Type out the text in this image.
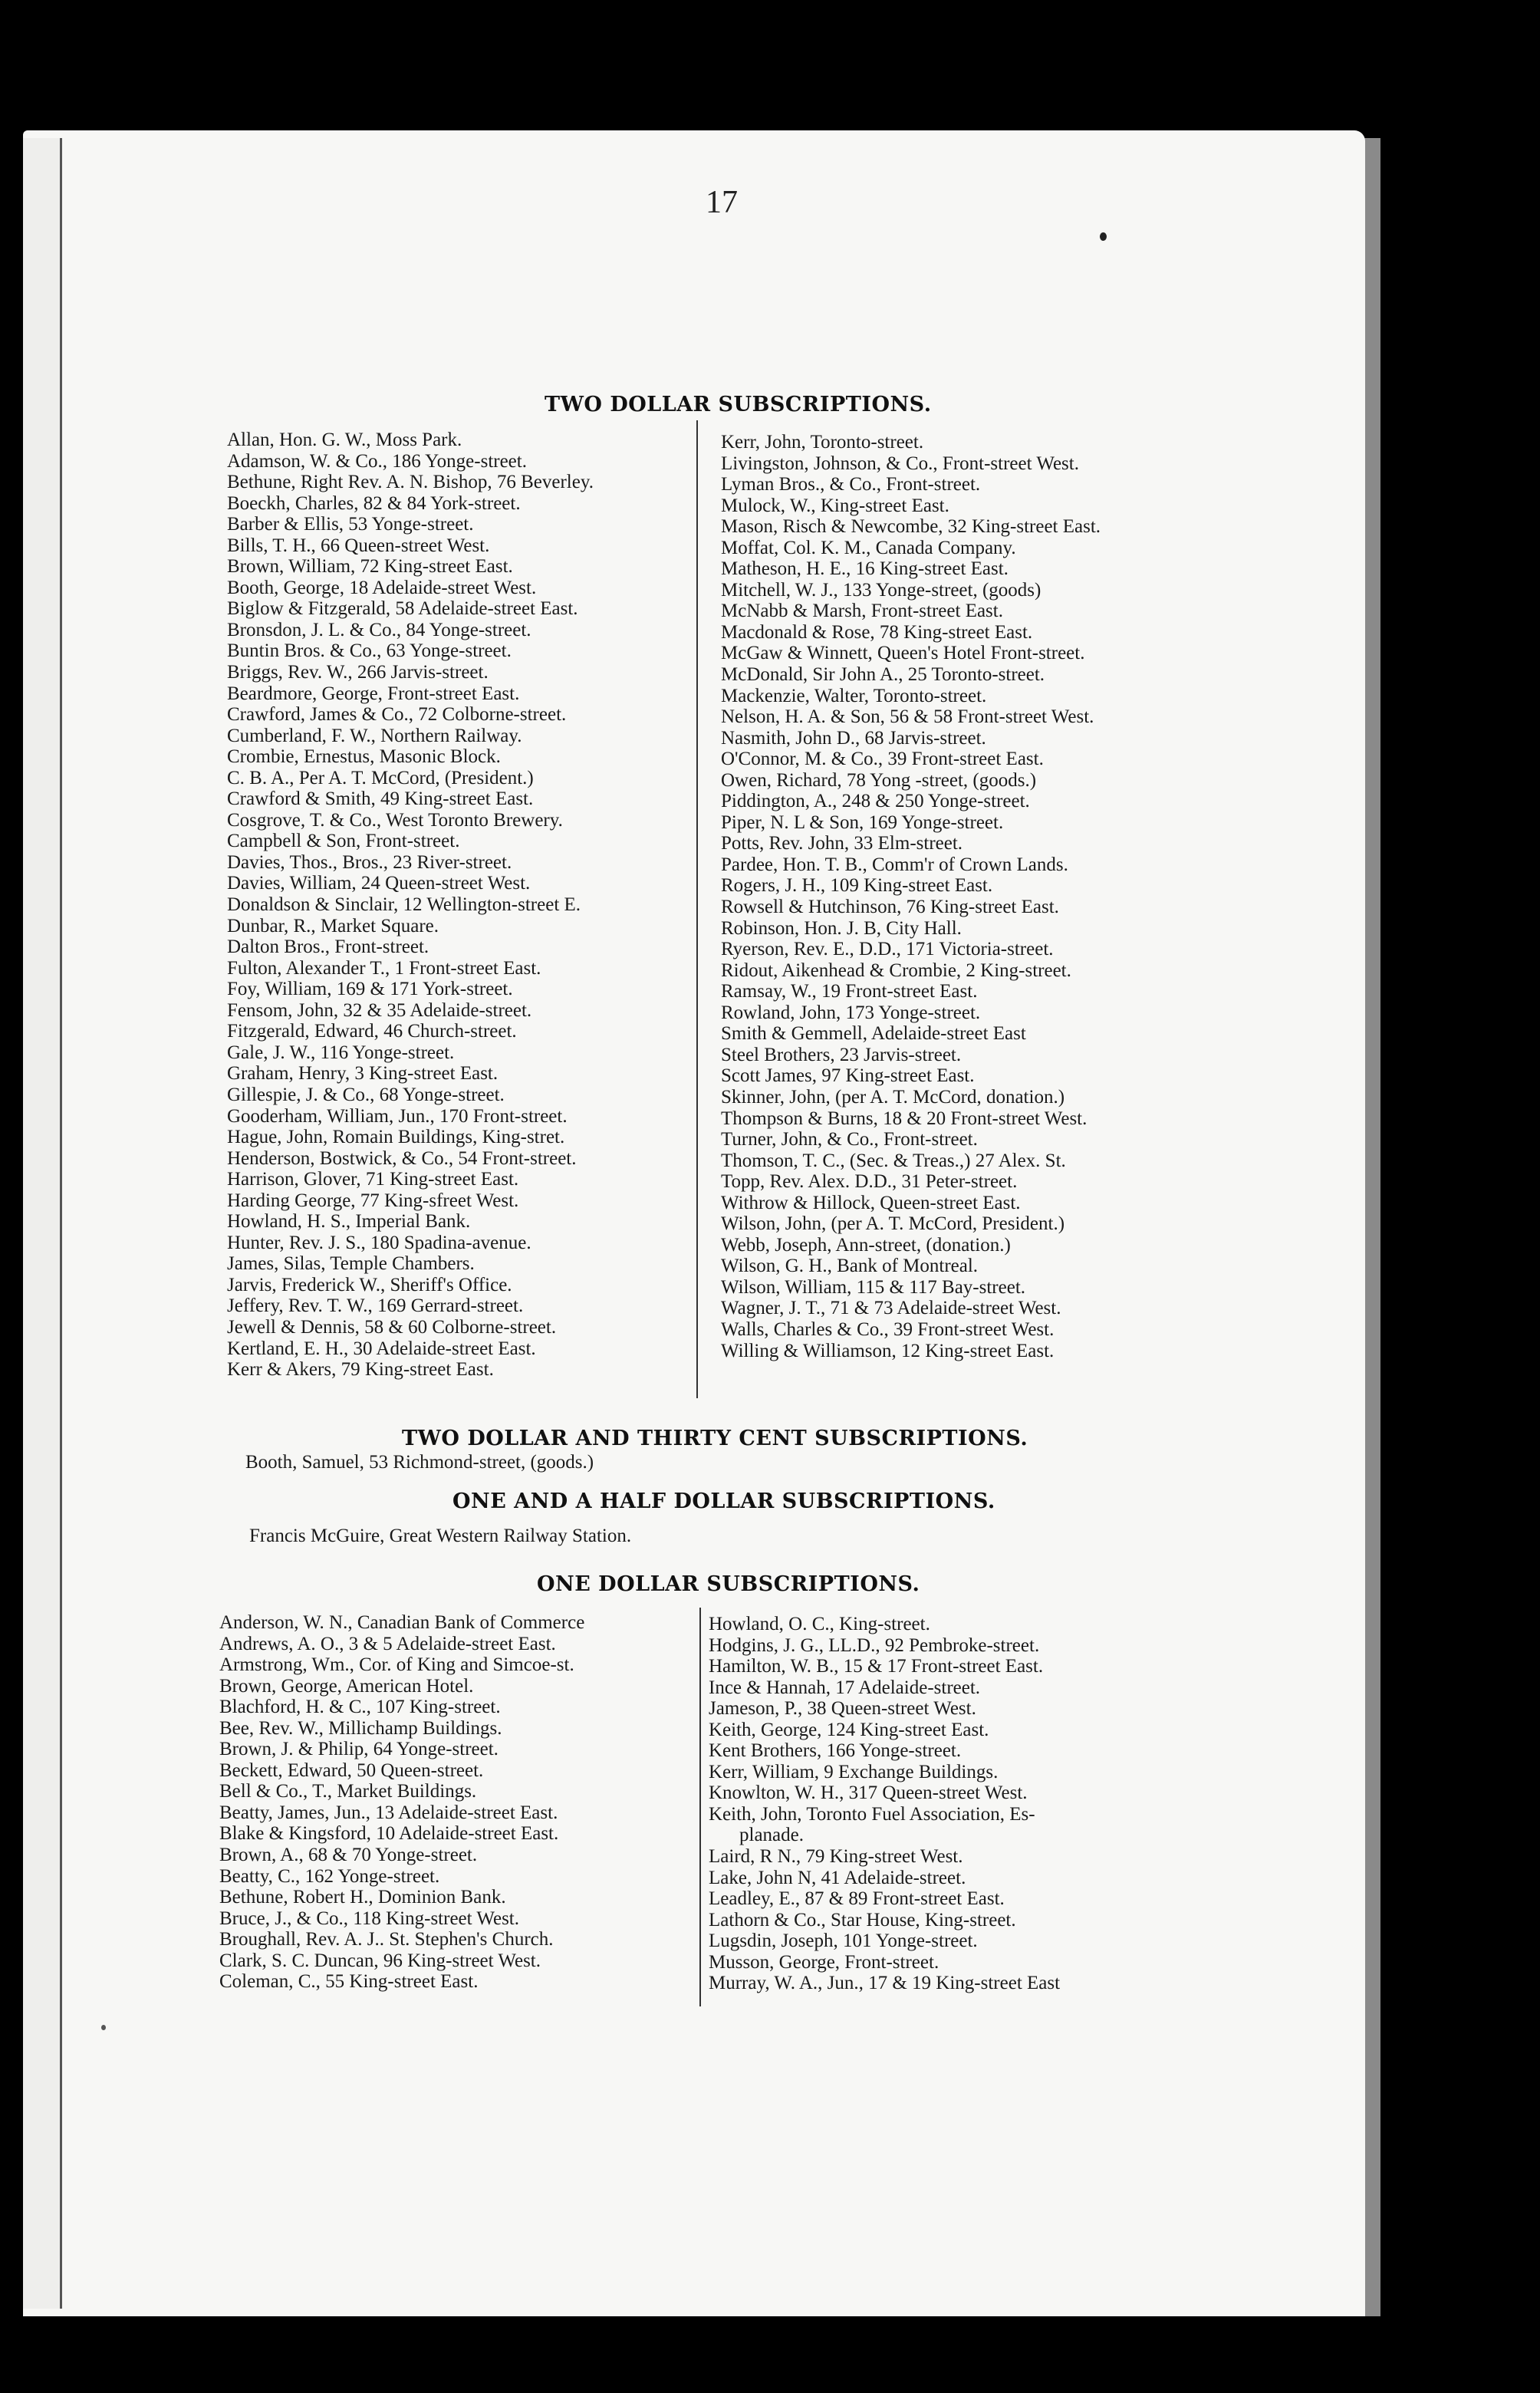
17
TWO DOLLAR SUBSCRIPTIONS.
Allan, Hon. G. W., Moss Park.
Adamson, W. & Co., 186 Yonge-street.
Bethune, Right Rev. A. N. Bishop, 76 Beverley.
Boeckh, Charles, 82 & 84 York-street.
Barber & Ellis, 53 Yonge-street.
Bills, T. H., 66 Queen-street West.
Brown, William, 72 King-street East.
Booth, George, 18 Adelaide-street West.
Biglow & Fitzgerald, 58 Adelaide-street East.
Bronsdon, J. L. & Co., 84 Yonge-street.
Buntin Bros. & Co., 63 Yonge-street.
Briggs, Rev. W., 266 Jarvis-street.
Beardmore, George, Front-street East.
Crawford, James & Co., 72 Colborne-street.
Cumberland, F. W., Northern Railway.
Crombie, Ernestus, Masonic Block.
C. B. A., Per A. T. McCord, (President.)
Crawford & Smith, 49 King-street East.
Cosgrove, T. & Co., West Toronto Brewery.
Campbell & Son, Front-street.
Davies, Thos., Bros., 23 River-street.
Davies, William, 24 Queen-street West.
Donaldson & Sinclair, 12 Wellington-street E.
Dunbar, R., Market Square.
Dalton Bros., Front-street.
Fulton, Alexander T., 1 Front-street East.
Foy, William, 169 & 171 York-street.
Fensom, John, 32 & 35 Adelaide-street.
Fitzgerald, Edward, 46 Church-street.
Gale, J. W., 116 Yonge-street.
Graham, Henry, 3 King-street East.
Gillespie, J. & Co., 68 Yonge-street.
Gooderham, William, Jun., 170 Front-street.
Hague, John, Romain Buildings, King-stret.
Henderson, Bostwick, & Co., 54 Front-street.
Harrison, Glover, 71 King-street East.
Harding George, 77 King-sfreet West.
Howland, H. S., Imperial Bank.
Hunter, Rev. J. S., 180 Spadina-avenue.
James, Silas, Temple Chambers.
Jarvis, Frederick W., Sheriff's Office.
Jeffery, Rev. T. W., 169 Gerrard-street.
Jewell & Dennis, 58 & 60 Colborne-street.
Kertland, E. H., 30 Adelaide-street East.
Kerr & Akers, 79 King-street East.
Kerr, John, Toronto-street.
Livingston, Johnson, & Co., Front-street West.
Lyman Bros., & Co., Front-street.
Mulock, W., King-street East.
Mason, Risch & Newcombe, 32 King-street East.
Moffat, Col. K. M., Canada Company.
Matheson, H. E., 16 King-street East.
Mitchell, W. J., 133 Yonge-street, (goods)
McNabb & Marsh, Front-street East.
Macdonald & Rose, 78 King-street East.
McGaw & Winnett, Queen's Hotel Front-street.
McDonald, Sir John A., 25 Toronto-street.
Mackenzie, Walter, Toronto-street.
Nelson, H. A. & Son, 56 & 58 Front-street West.
Nasmith, John D., 68 Jarvis-street.
O'Connor, M. & Co., 39 Front-street East.
Owen, Richard, 78 Yong -street, (goods.)
Piddington, A., 248 & 250 Yonge-street.
Piper, N. L & Son, 169 Yonge-street.
Potts, Rev. John, 33 Elm-street.
Pardee, Hon. T. B., Comm'r of Crown Lands.
Rogers, J. H., 109 King-street East.
Rowsell & Hutchinson, 76 King-street East.
Robinson, Hon. J. B, City Hall.
Ryerson, Rev. E., D.D., 171 Victoria-street.
Ridout, Aikenhead & Crombie, 2 King-street.
Ramsay, W., 19 Front-street East.
Rowland, John, 173 Yonge-street.
Smith & Gemmell, Adelaide-street East
Steel Brothers, 23 Jarvis-street.
Scott James, 97 King-street East.
Skinner, John, (per A. T. McCord, donation.)
Thompson & Burns, 18 & 20 Front-street West.
Turner, John, & Co., Front-street.
Thomson, T. C., (Sec. & Treas.,) 27 Alex. St.
Topp, Rev. Alex. D.D., 31 Peter-street.
Withrow & Hillock, Queen-street East.
Wilson, John, (per A. T. McCord, President.)
Webb, Joseph, Ann-street, (donation.)
Wilson, G. H., Bank of Montreal.
Wilson, William, 115 & 117 Bay-street.
Wagner, J. T., 71 & 73 Adelaide-street West.
Walls, Charles & Co., 39 Front-street West.
Willing & Williamson, 12 King-street East.
TWO DOLLAR AND THIRTY CENT SUBSCRIPTIONS.
Booth, Samuel, 53 Richmond-street, (goods.)
ONE AND A HALF DOLLAR SUBSCRIPTIONS.
Francis McGuire, Great Western Railway Station.
ONE DOLLAR SUBSCRIPTIONS.
Anderson, W. N., Canadian Bank of Commerce
Andrews, A. O., 3 & 5 Adelaide-street East.
Armstrong, Wm., Cor. of King and Simcoe-st.
Brown, George, American Hotel.
Blachford, H. & C., 107 King-street.
Bee, Rev. W., Millichamp Buildings.
Brown, J. & Philip, 64 Yonge-street.
Beckett, Edward, 50 Queen-street.
Bell & Co., T., Market Buildings.
Beatty, James, Jun., 13 Adelaide-street East.
Blake & Kingsford, 10 Adelaide-street East.
Brown, A., 68 & 70 Yonge-street.
Beatty, C., 162 Yonge-street.
Bethune, Robert H., Dominion Bank.
Bruce, J., & Co., 118 King-street West.
Broughall, Rev. A. J.. St. Stephen's Church.
Clark, S. C. Duncan, 96 King-street West.
Coleman, C., 55 King-street East.
Howland, O. C., King-street.
Hodgins, J. G., LL.D., 92 Pembroke-street.
Hamilton, W. B., 15 & 17 Front-street East.
Ince & Hannah, 17 Adelaide-street.
Jameson, P., 38 Queen-street West.
Keith, George, 124 King-street East.
Kent Brothers, 166 Yonge-street.
Kerr, William, 9 Exchange Buildings.
Knowlton, W. H., 317 Queen-street West.
Keith, John, Toronto Fuel Association, Es-
planade.
Laird, R N., 79 King-street West.
Lake, John N, 41 Adelaide-street.
Leadley, E., 87 & 89 Front-street East.
Lathorn & Co., Star House, King-street.
Lugsdin, Joseph, 101 Yonge-street.
Musson, George, Front-street.
Murray, W. A., Jun., 17 & 19 King-street East
